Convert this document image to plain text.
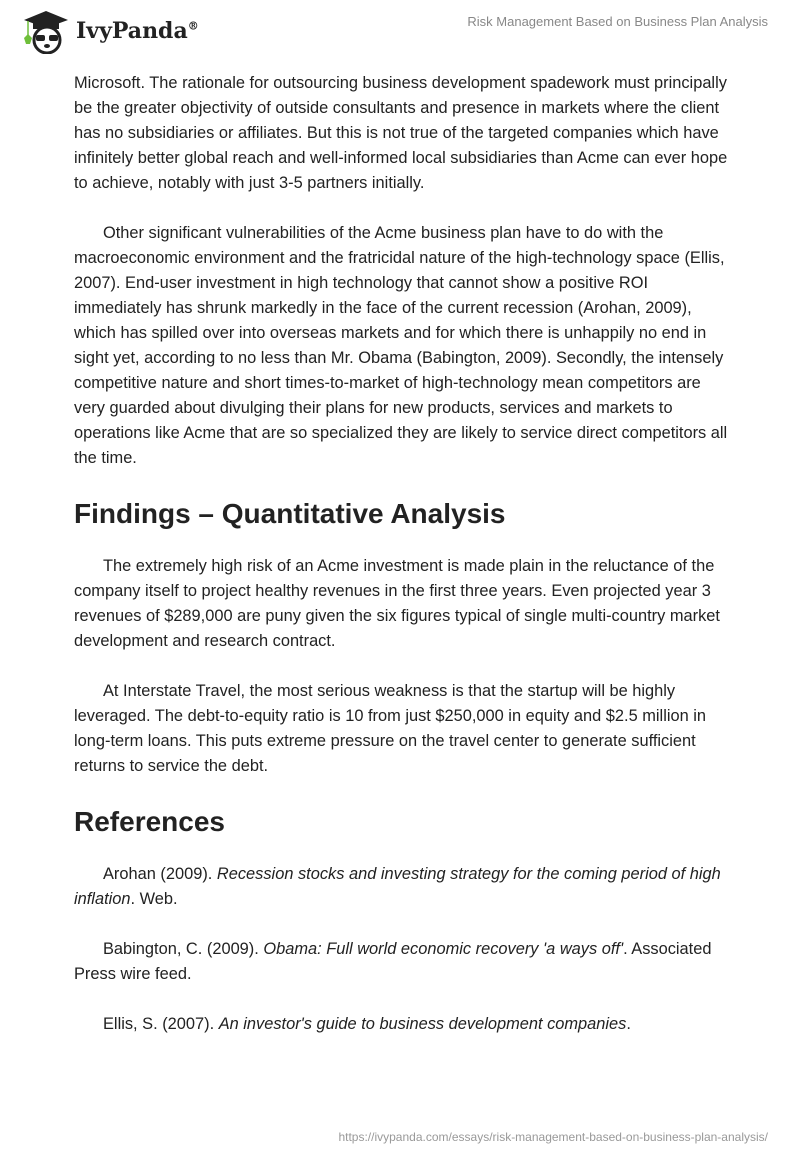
IvyPanda®	Risk Management Based on Business Plan Analysis

Microsoft. The rationale for outsourcing business development spadework must principally be the greater objectivity of outside consultants and presence in markets where the client has no subsidiaries or affiliates. But this is not true of the targeted companies which have infinitely better global reach and well-informed local subsidiaries than Acme can ever hope to achieve, notably with just 3-5 partners initially.

Other significant vulnerabilities of the Acme business plan have to do with the macroeconomic environment and the fratricidal nature of the high-technology space (Ellis, 2007). End-user investment in high technology that cannot show a positive ROI immediately has shrunk markedly in the face of the current recession (Arohan, 2009), which has spilled over into overseas markets and for which there is unhappily no end in sight yet, according to no less than Mr. Obama (Babington, 2009). Secondly, the intensely competitive nature and short times-to-market of high-technology mean competitors are very guarded about divulging their plans for new products, services and markets to operations like Acme that are so specialized they are likely to service direct competitors all the time.

Findings – Quantitative Analysis

The extremely high risk of an Acme investment is made plain in the reluctance of the company itself to project healthy revenues in the first three years. Even projected year 3 revenues of $289,000 are puny given the six figures typical of single multi-country market development and research contract.

At Interstate Travel, the most serious weakness is that the startup will be highly leveraged. The debt-to-equity ratio is 10 from just $250,000 in equity and $2.5 million in long-term loans. This puts extreme pressure on the travel center to generate sufficient returns to service the debt.

References

Arohan (2009). Recession stocks and investing strategy for the coming period of high inflation. Web.

Babington, C. (2009). Obama: Full world economic recovery 'a ways off'. Associated Press wire feed.

Ellis, S. (2007). An investor's guide to business development companies.

https://ivypanda.com/essays/risk-management-based-on-business-plan-analysis/
